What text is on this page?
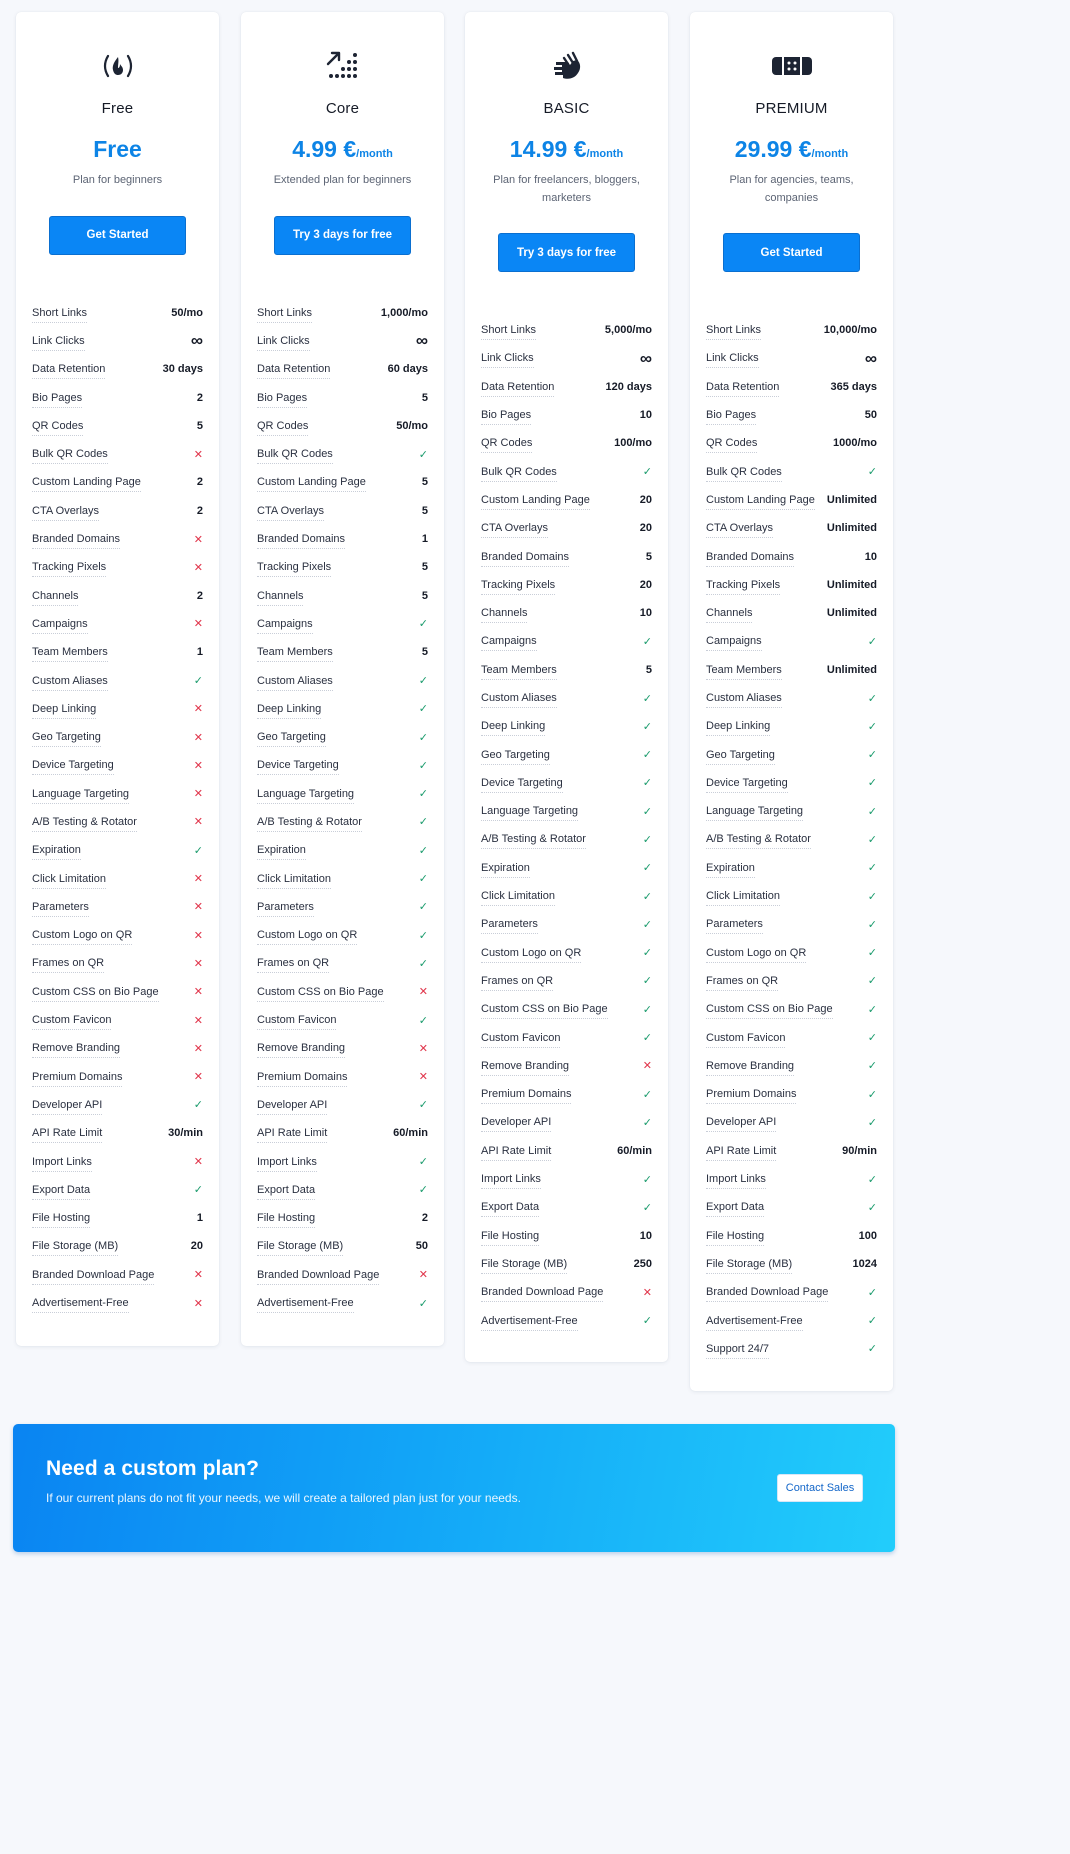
Free
Free
Plan for beginners
Get Started
Short Links	50/mo
Link Clicks	∞
Data Retention	30 days
Bio Pages	2
QR Codes	5
Bulk QR Codes	✕
Custom Landing Page	2
CTA Overlays	2
Branded Domains	✕
Tracking Pixels	✕
Channels	2
Campaigns	✕
Team Members	1
Custom Aliases	✓
Deep Linking	✕
Geo Targeting	✕
Device Targeting	✕
Language Targeting	✕
A/B Testing & Rotator	✕
Expiration	✓
Click Limitation	✕
Parameters	✕
Custom Logo on QR	✕
Frames on QR	✕
Custom CSS on Bio Page	✕
Custom Favicon	✕
Remove Branding	✕
Premium Domains	✕
Developer API	✓
API Rate Limit	30/min
Import Links	✕
Export Data	✓
File Hosting	1
File Storage (MB)	20
Branded Download Page	✕
Advertisement-Free	✕
Core
4.99 €/month
Extended plan for beginners
Try 3 days for free
Short Links	1,000/mo
Link Clicks	∞
Data Retention	60 days
Bio Pages	5
QR Codes	50/mo
Bulk QR Codes	✓
Custom Landing Page	5
CTA Overlays	5
Branded Domains	1
Tracking Pixels	5
Channels	5
Campaigns	✓
Team Members	5
Custom Aliases	✓
Deep Linking	✓
Geo Targeting	✓
Device Targeting	✓
Language Targeting	✓
A/B Testing & Rotator	✓
Expiration	✓
Click Limitation	✓
Parameters	✓
Custom Logo on QR	✓
Frames on QR	✓
Custom CSS on Bio Page	✕
Custom Favicon	✓
Remove Branding	✕
Premium Domains	✕
Developer API	✓
API Rate Limit	60/min
Import Links	✓
Export Data	✓
File Hosting	2
File Storage (MB)	50
Branded Download Page	✕
Advertisement-Free	✓
BASIC
14.99 €/month
Plan for freelancers, bloggers, marketers
Try 3 days for free
Short Links	5,000/mo
Link Clicks	∞
Data Retention	120 days
Bio Pages	10
QR Codes	100/mo
Bulk QR Codes	✓
Custom Landing Page	20
CTA Overlays	20
Branded Domains	5
Tracking Pixels	20
Channels	10
Campaigns	✓
Team Members	5
Custom Aliases	✓
Deep Linking	✓
Geo Targeting	✓
Device Targeting	✓
Language Targeting	✓
A/B Testing & Rotator	✓
Expiration	✓
Click Limitation	✓
Parameters	✓
Custom Logo on QR	✓
Frames on QR	✓
Custom CSS on Bio Page	✓
Custom Favicon	✓
Remove Branding	✕
Premium Domains	✓
Developer API	✓
API Rate Limit	60/min
Import Links	✓
Export Data	✓
File Hosting	10
File Storage (MB)	250
Branded Download Page	✕
Advertisement-Free	✓
PREMIUM
29.99 €/month
Plan for agencies, teams, companies
Get Started
Short Links	10,000/mo
Link Clicks	∞
Data Retention	365 days
Bio Pages	50
QR Codes	1000/mo
Bulk QR Codes	✓
Custom Landing Page Unlimited
CTA Overlays	Unlimited
Branded Domains	10
Tracking Pixels	Unlimited
Channels	Unlimited
Campaigns	✓
Team Members	Unlimited
Custom Aliases	✓
Deep Linking	✓
Geo Targeting	✓
Device Targeting	✓
Language Targeting	✓
A/B Testing & Rotator	✓
Expiration	✓
Click Limitation	✓
Parameters	✓
Custom Logo on QR	✓
Frames on QR	✓
Custom CSS on Bio Page	✓
Custom Favicon	✓
Remove Branding	✓
Premium Domains	✓
Developer API	✓
API Rate Limit	90/min
Import Links	✓
Export Data	✓
File Hosting	100
File Storage (MB)	1024
Branded Download Page	✓
Advertisement-Free	✓
Support 24/7	✓
Need a custom plan?

If our current plans do not fit your needs, we will create a tailored plan just for your needs.

Contact Sales
